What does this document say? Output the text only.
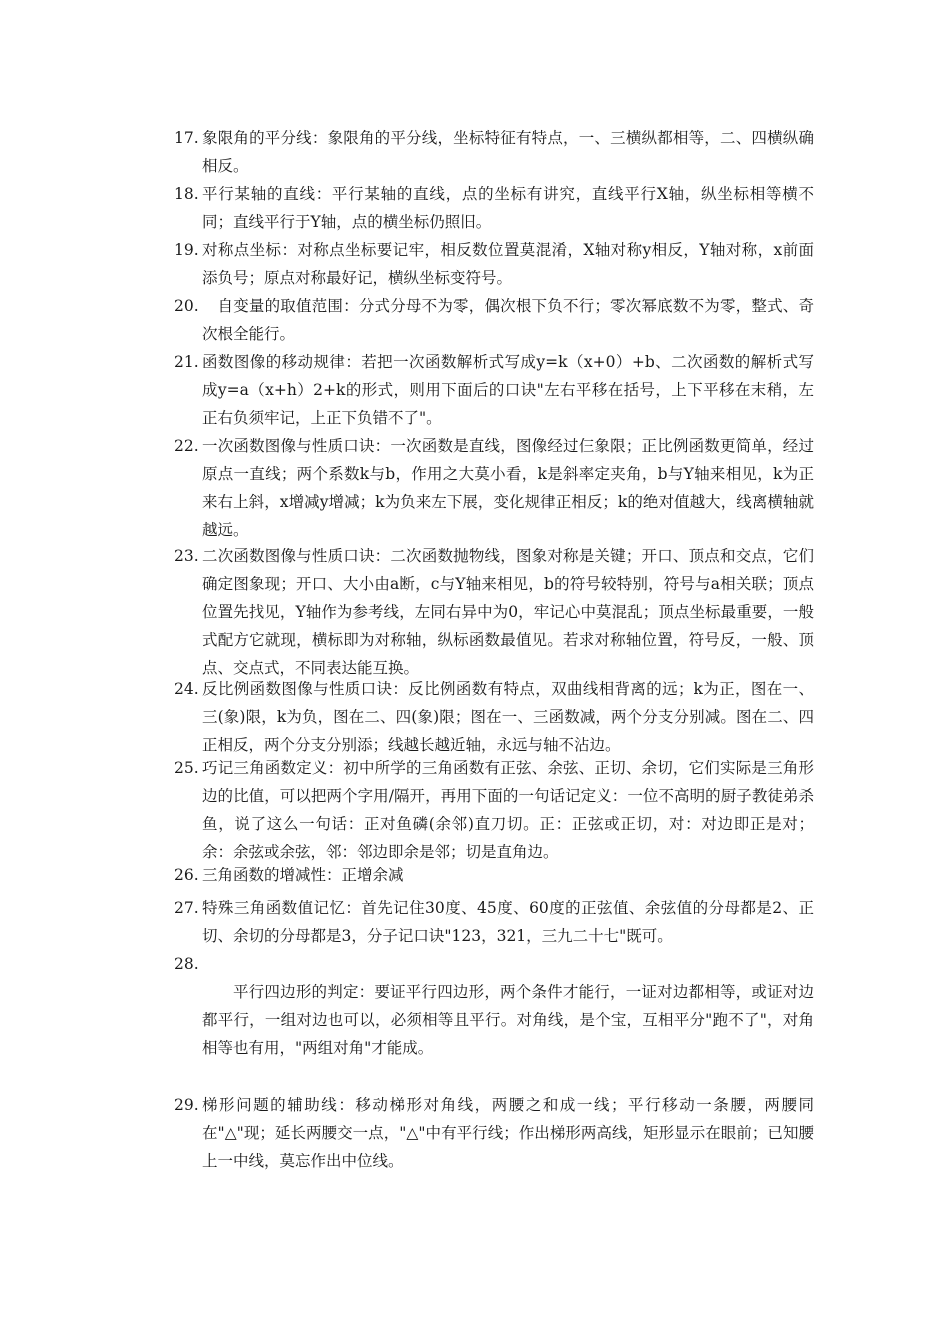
17. 象限角的平分线：象限角的平分线，坐标特征有特点，一、三横纵都相等，二、四横纵确相反。
18. 平行某轴的直线：平行某轴的直线，点的坐标有讲究，直线平行X轴，纵坐标相等横不同；直线平行于Y轴，点的横坐标仍照旧。
19. 对称点坐标：对称点坐标要记牢，相反数位置莫混淆，X轴对称y相反，Y轴对称，x前面添负号；原点对称最好记，横纵坐标变符号。
20.	自变量的取值范围：分式分母不为零，偶次根下负不行；零次幂底数不为零，整式、奇次根全能行。
21. 函数图像的移动规律：若把一次函数解析式写成y=k（x+0）+b、二次函数的解析式写成y=a（x+h）2+k的形式，则用下面后的口诀"左右平移在括号，上下平移在末稍，左正右负须牢记，上正下负错不了"。
22. 一次函数图像与性质口诀：一次函数是直线，图像经过仨象限；正比例函数更简单，经过原点一直线；两个系数k与b，作用之大莫小看，k是斜率定夹角，b与Y轴来相见，k为正来右上斜，x增减y增减；k为负来左下展，变化规律正相反；k的绝对值越大，线离横轴就越远。
23. 二次函数图像与性质口诀：二次函数抛物线，图象对称是关键；开口、顶点和交点，它们确定图象现；开口、大小由a断，c与Y轴来相见，b的符号较特别，符号与a相关联；顶点位置先找见，Y轴作为参考线，左同右异中为0，牢记心中莫混乱；顶点坐标最重要，一般式配方它就现，横标即为对称轴，纵标函数最值见。若求对称轴位置，符号反，一般、顶点、交点式，不同表达能互换。
24. 反比例函数图像与性质口诀：反比例函数有特点，双曲线相背离的远；k为正，图在一、三(象)限，k为负，图在二、四(象)限；图在一、三函数减，两个分支分别减。图在二、四正相反，两个分支分别添；线越长越近轴，永远与轴不沾边。
25. 巧记三角函数定义：初中所学的三角函数有正弦、余弦、正切、余切，它们实际是三角形边的比值，可以把两个字用/隔开，再用下面的一句话记定义：一位不高明的厨子教徒弟杀鱼，说了这么一句话：正对鱼磷(余邻)直刀切。正：正弦或正切，对：对边即正是对；余：余弦或余弦，邻：邻边即余是邻；切是直角边。
26. 三角函数的增减性：正增余减
27. 特殊三角函数值记忆：首先记住30度、45度、60度的正弦值、余弦值的分母都是2、正切、余切的分母都是3，分子记口诀"123，321，三九二十七"既可。
28.
平行四边形的判定：要证平行四边形，两个条件才能行，一证对边都相等，或证对边都平行，一组对边也可以，必须相等且平行。对角线，是个宝，互相平分"跑不了"，对角相等也有用，"两组对角"才能成。
29. 梯形问题的辅助线：移动梯形对角线，两腰之和成一线；平行移动一条腰，两腰同在"△"现；延长两腰交一点，"△"中有平行线；作出梯形两高线，矩形显示在眼前；已知腰上一中线，莫忘作出中位线。
